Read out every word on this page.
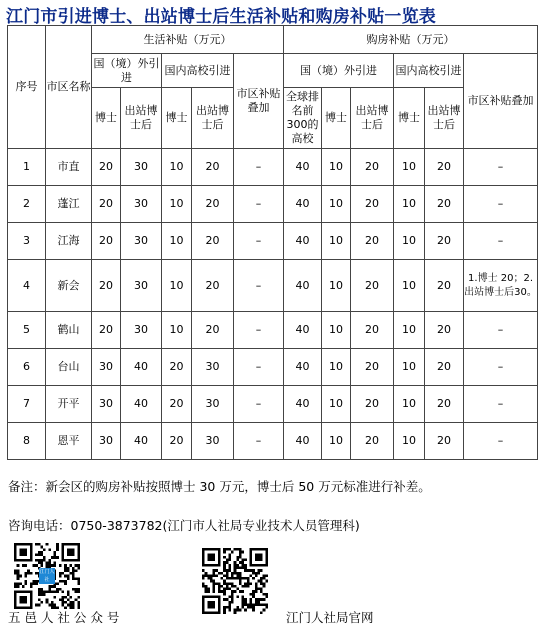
江门市引进博士、出站博士后生活补贴和购房补贴一览表
序号	市区名称	生活补贴（万元）					购房补贴（万元）					
		国（境）外引进		国内高校引进		市区补贴叠加	国（境）外引进			国内高校引进		市区补贴叠加
		博士	出站博士后	博士	出站博士后		全球排名前300的高校	博士	出站博士后	博士	出站博士后	
1	市直	20	30	10	20	–	40	10	20	10	20	–
2	蓬江	20	30	10	20	–	40	10	20	10	20	–
3	江海	20	30	10	20	–	40	10	20	10	20	–
4	新会	20	30	10	20	–	40	10	20	10	20	1.博士 20；2.出站博士后30。
5	鹤山	20	30	10	20	–	40	10	20	10	20	–
6	台山	30	40	20	30	–	40	10	20	10	20	–
7	开平	30	40	20	30	–	40	10	20	10	20	–
8	恩平	30	40	20	30	–	40	10	20	10	20	–
备注：新会区的购房补贴按照博士 30 万元，博士后 50 万元标准进行补差。
咨询电话：0750-3873782(江门市人社局专业技术人员管理科)
江门人社
五 邑 人 社 公 众 号	江门人社局官网
